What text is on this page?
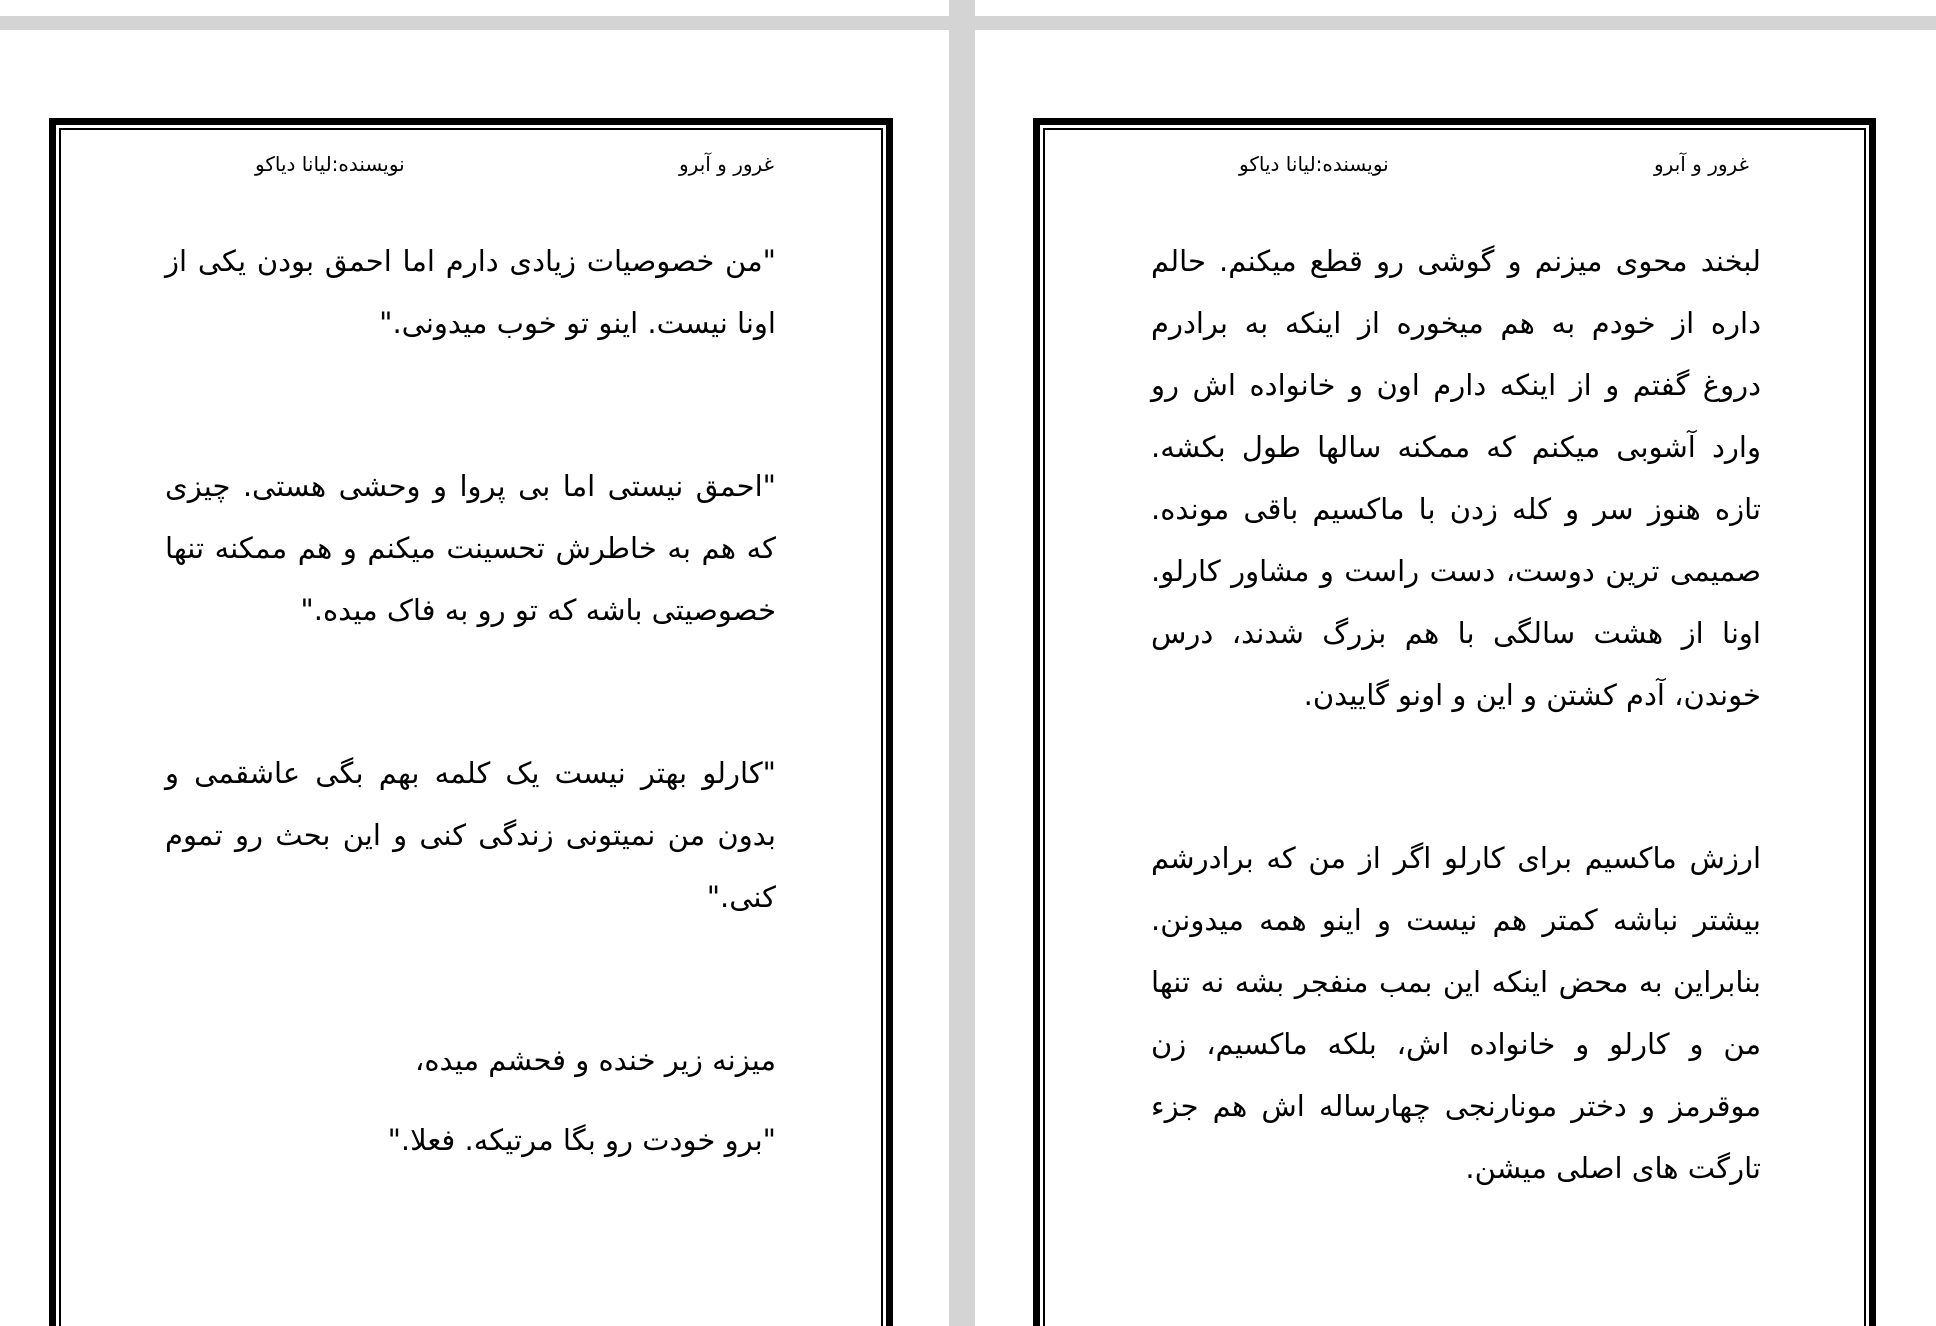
غرور و آبرو
نویسنده:لیانا دیاکو

"من خصوصیات زیادی دارم اما احمق بودن یکی از اونا نیست. اینو تو خوب میدونی."

"احمق نیستی اما بی پروا و وحشی هستی. چیزی که هم به خاطرش تحسینت میکنم و هم ممکنه تنها خصوصیتی باشه که تو رو به فاک میده."

"کارلو بهتر نیست یک کلمه بهم بگی عاشقمی و بدون من نمیتونی زندگی کنی و این بحث رو تموم کنی."

میزنه زیر خنده و فحشم میده،

"برو خودت رو بگا مرتیکه. فعلا."

غرور و آبرو
نویسنده:لیانا دیاکو

لبخند محوی میزنم و گوشی رو قطع میکنم. حالم داره از خودم به هم میخوره از اینکه به برادرم دروغ گفتم و از اینکه دارم اون و خانواده اش رو وارد آشوبی میکنم که ممکنه سالها طول بکشه. تازه هنوز سر و کله زدن با ماکسیم باقی مونده. صمیمی ترین دوست، دست راست و مشاور کارلو. اونا از هشت سالگی با هم بزرگ شدند، درس خوندن، آدم کشتن و این و اونو گاییدن.

ارزش ماکسیم برای کارلو اگر از من که برادرشم بیشتر نباشه کمتر هم نیست و اینو همه میدونن. بنابراین به محض اینکه این بمب منفجر بشه نه تنها من و کارلو و خانواده اش، بلکه ماکسیم، زن موقرمز و دختر مونارنجی چهارساله اش هم جزء تارگت های اصلی میشن.
